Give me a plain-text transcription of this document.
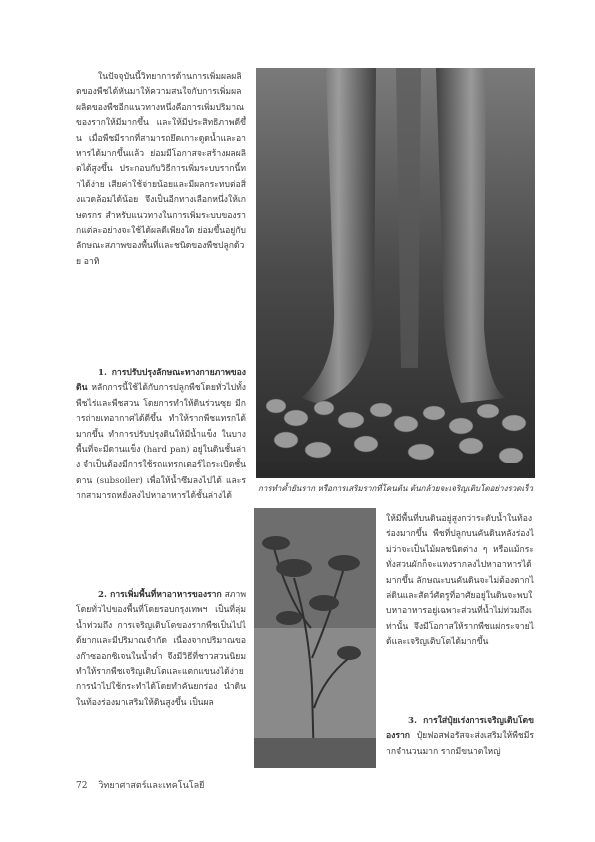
ในปัจจุบันนี้วิทยาการด้านการเพิ่มผลผลิตของพืชได้หันมาให้ความสนใจกับการเพิ่มผลผลิตของพืชอีกแนวทางหนึ่งคือการเพิ่มปริมาณของรากให้มีมากขึ้น และให้มีประสิทธิภาพดีขึ้น เมื่อพืชมีรากที่สามารถยึดเกาะดูดน้ำและอาหารได้มากขึ้นแล้ว ย่อมมีโอกาสจะสร้างผลผลิตได้สูงขึ้น ประกอบกับวิธีการเพิ่มระบบรากนี้ทำได้ง่าย เสียค่าใช้จ่ายน้อยและมีผลกระทบต่อสิ่งแวดล้อมได้น้อย จึงเป็นอีกทางเลือกหนึ่งให้เกษตรกร สำหรับแนวทางในการเพิ่มระบบของรากแต่ละอย่างจะใช้ได้ผลดีเพียงใด ย่อมขึ้นอยู่กับลักษณะสภาพของพื้นที่และชนิดของพืชปลูกด้วย อาทิ

1. การปรับปรุงลักษณะทางกายภาพของดิน หลักการนี้ใช้ได้กับการปลูกพืชโดยทั่วไปทั้งพืชไร่และพืชสวน โดยการทำให้ดินร่วนซุย มีการถ่ายเทอากาศได้ดีขึ้น ทำให้รากพืชแทรกได้มากขึ้น ทำการปรับปรุงดินให้มีน้ำแข็ง ในบางพื้นที่จะมีดานแข็ง (hard pan) อยู่ในดินชั้นล่าง จำเป็นต้องมีการใช้รถแทรกเตอร์ไถระเบิดชั้นดาน (subsoiler) เพื่อให้น้ำซึมลงไปได้ และรากสามารถหยั่งลงไปหาอาหารได้ชั้นล่างได้

2. การเพิ่มพื้นที่หาอาหารของราก สภาพโดยทั่วไปของพื้นที่โดยรอบกรุงเทพฯ เป็นที่ลุ่ม น้ำท่วมถึง การเจริญเติบโตของรากพืชเป็นไปได้ยากและมีปริมาณจำกัด เนื่องจากปริมาณของก๊าซออกซิเจนในน้ำต่ำ จึงมีวิธีที่ชาวสวนนิยมทำให้รากพืชเจริญเติบโตและแตกแขนงได้ง่าย การนำไปใช้กระทำได้โดยทำคันยกร่อง นำดินในท้องร่องมาเสริมให้ดินสูงขึ้น เป็นผล

การทำค้ำยันราก หรือการเสริมรากที่โคนต้น ต้นกล้วยจะเจริญเติบโตอย่างรวดเร็ว

ให้มีพื้นที่บนดินอยู่สูงกว่าระดับน้ำในท้องร่องมากขึ้น พืชที่ปลูกบนคันดินหลังร่องไม่ว่าจะเป็นไม้ผลชนิดต่าง ๆ หรือแม้กระทั่งสวนผักก็จะแทงรากลงไปหาอาหารได้มากขึ้น ลักษณะบนคันดินจะไม่ต้องตากไล่ดินและสัตว์ศัตรูที่อาศัยอยู่ในดินจะพบใบหาอาหารอยู่เฉพาะส่วนที่น้ำไม่ท่วมถึงเท่านั้น จึงมีโอกาสให้รากพืชแผ่กระจายได้และเจริญเติบโตได้มากขึ้น

3. การใส่ปุ๋ยเร่งการเจริญเติบโตของราก ปุ๋ยฟอสฟอรัสจะส่งเสริมให้พืชมีรากจำนวนมาก รากมีขนาดใหญ่

72 วิทยาศาสตร์และเทคโนโลยี
